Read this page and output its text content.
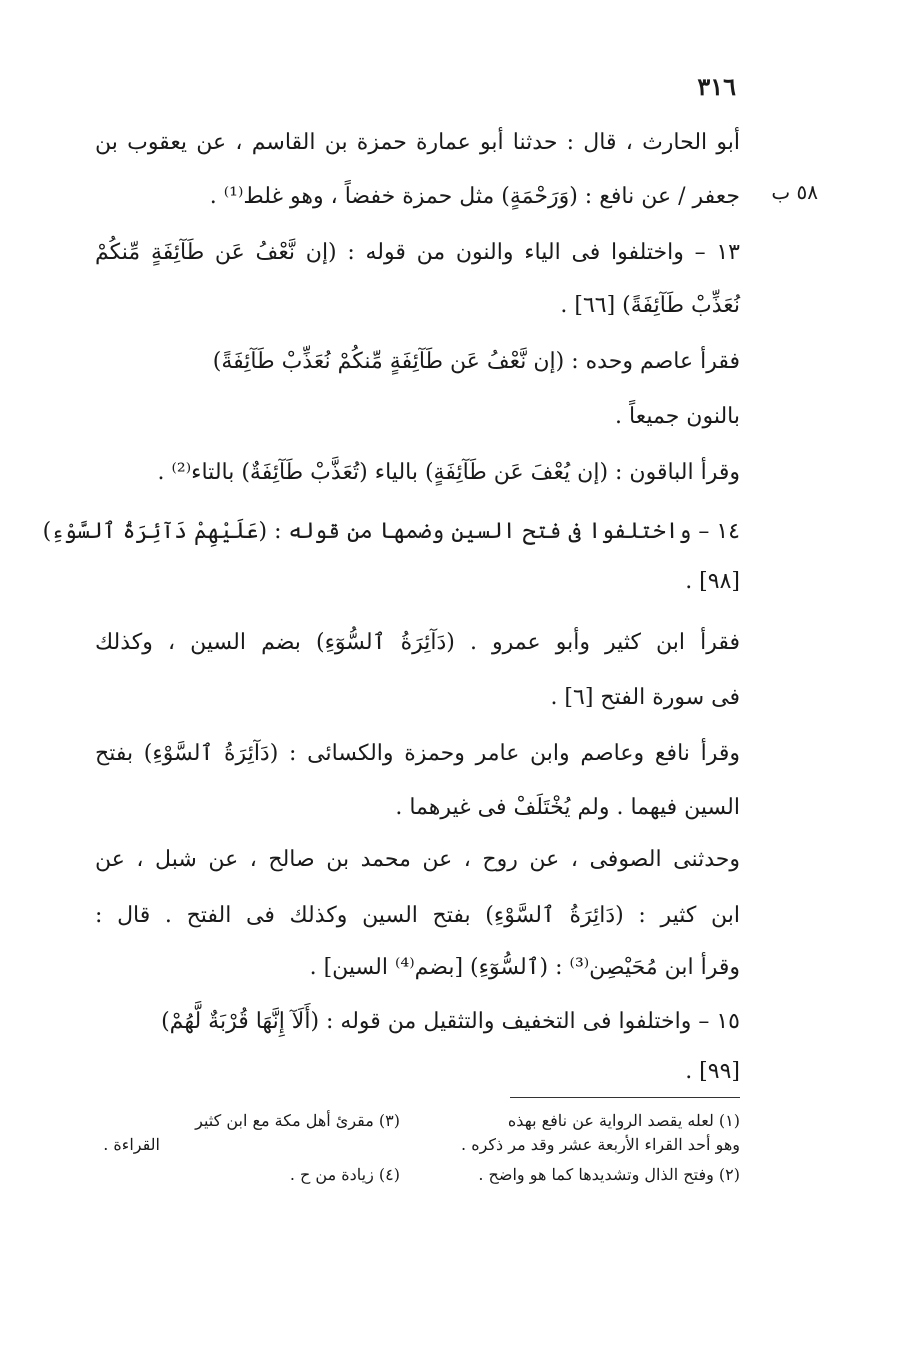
٣١٦
٥٨ ب
أبو الحارث ، قال : حدثنا أبو عمارة حمزة بن القاسم ، عن يعقوب بن
جعفر / عن نافع : (وَرَحْمَةٍ) مثل حمزة خفضاً ، وهو غلط⁽¹⁾ .
١٣ – واختلفوا فى الياء والنون من قوله : (إن نَّعْفُ عَن طَآئِفَةٍ مِّنكُمْ
نُعَذِّبْ طَآئِفَةً) [٦٦] .
فقرأ عاصم وحده : (إن نَّعْفُ عَن طَآئِفَةٍ مِّنكُمْ نُعَذِّبْ طَآئِفَةً)
بالنون جميعاً .
وقرأ الباقون : (إن يُعْفَ عَن طَآئِفَةٍ) بالياء (تُعَذَّبْ طَآئِفَةٌ) بالتاء⁽²⁾ .
١٤ – واختلفوا فى فتح السين وضمها من قوله : (عَلَيْهِمْ دَآئِرَةُ ٱلسَّوْءِ)
[٩٨] .
فقرأ ابن كثير وأبو عمرو . (دَآئِرَةُ ٱلسُّوٓءِ) بضم السين ، وكذلك
فى سورة الفتح [٦] .
وقرأ نافع وعاصم وابن عامر وحمزة والكسائى : (دَآئِرَةُ ٱلسَّوْءِ) بفتح
السين فيهما . ولم يُخْتَلَفْ فى غيرهما .
وحدثنى الصوفى ، عن روح ، عن محمد بن صالح ، عن شبل ، عن
ابن كثير : (دَائِرَةُ ٱلسَّوْءِ) بفتح السين وكذلك فى الفتح . قال :
وقرأ ابن مُحَيْصِن⁽³⁾ : (ٱلسُّوٓءِ) [بضم⁽⁴⁾ السين] .
١٥ – واختلفوا فى التخفيف والتثقيل من قوله : (أَلَآ إِنَّهَا قُرْبَةٌ لَّهُمْ)
[٩٩] .
(١) لعله يقصد الرواية عن نافع بهذه
(٣) مقرئ أهل مكة مع ابن كثير
وهو أحد القراء الأربعة عشر وقد مر ذكره .
القراءة .
(٢) وفتح الذال وتشديدها كما هو واضح .
(٤) زيادة من ح .
